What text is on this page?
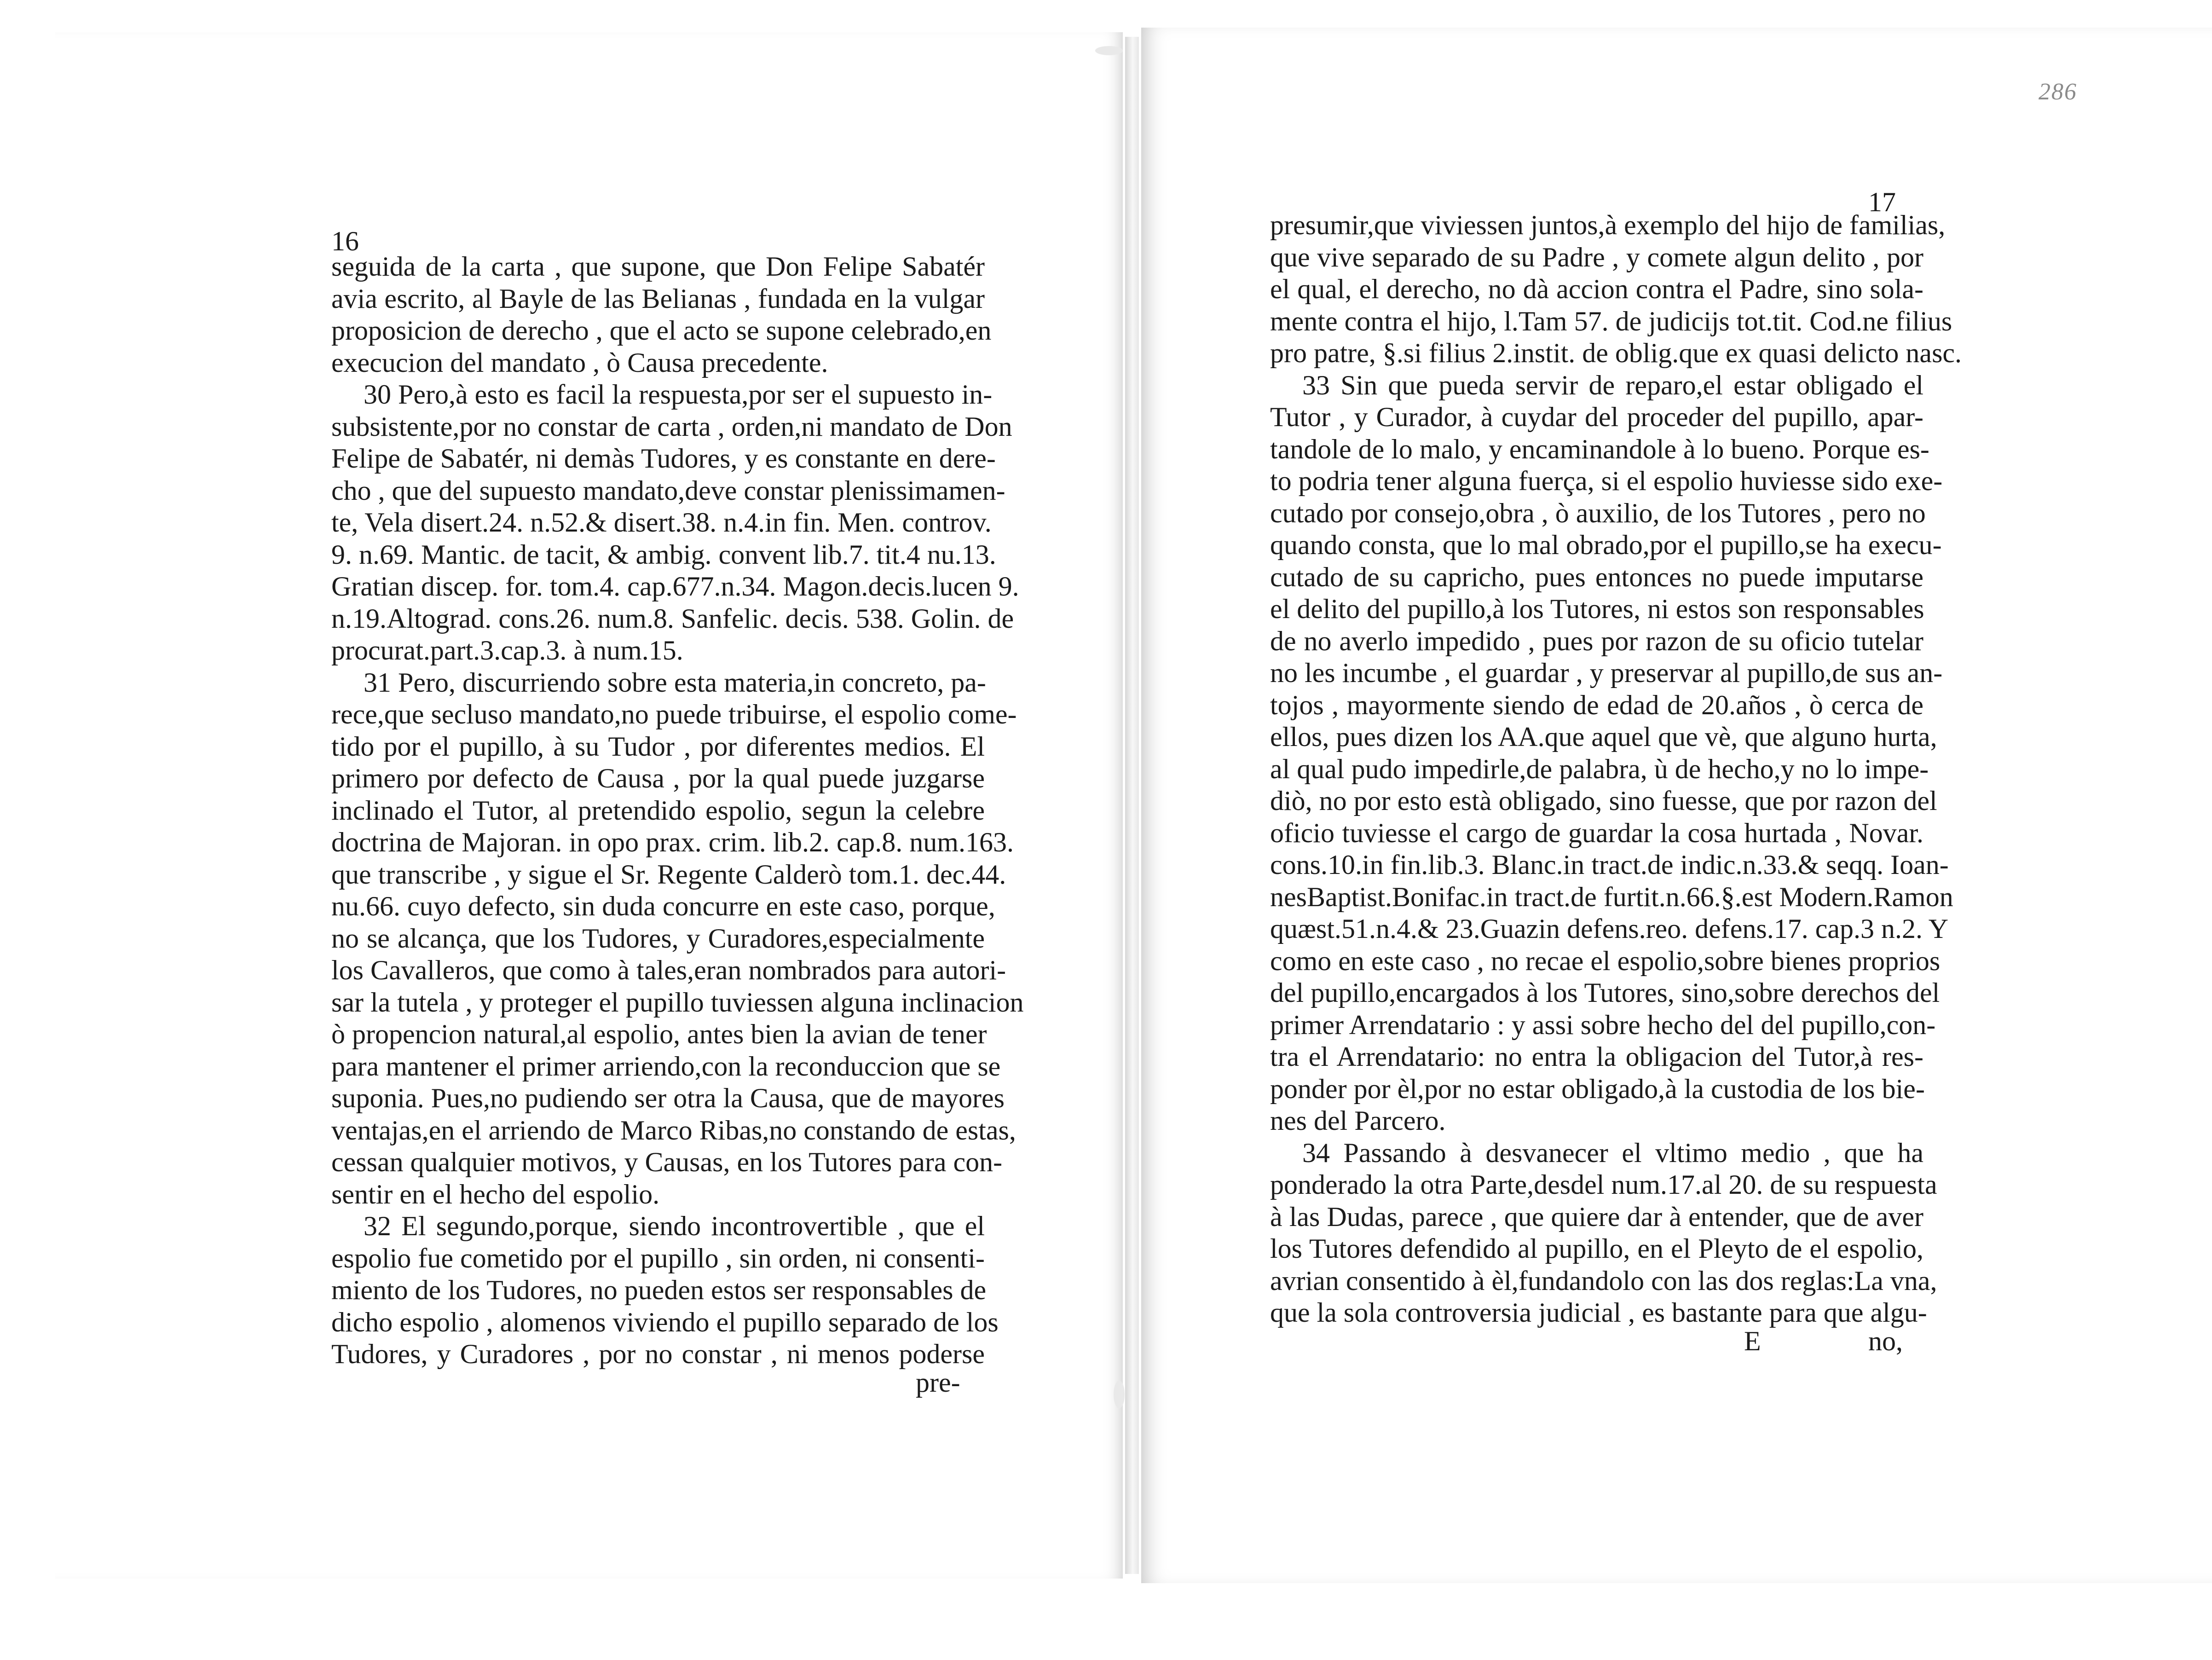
286
16
17
seguida de la carta , que supone, que Don Felipe Sabatér
avia escrito, al Bayle de las Belianas , fundada en la vulgar
proposicion de derecho , que el acto se supone celebrado,en
execucion del mandato , ò Causa precedente.
30 Pero,à esto es facil la respuesta,por ser el supuesto in-
subsistente,por no constar de carta , orden,ni mandato de Don
Felipe de Sabatér, ni demàs Tudores, y es constante en dere-
cho , que del supuesto mandato,deve constar plenissimamen-
te, Vela disert.24. n.52.& disert.38. n.4.in fin. Men. controv.
9. n.69. Mantic. de tacit, & ambig. convent lib.7. tit.4 nu.13.
Gratian discep. for. tom.4. cap.677.n.34. Magon.decis.lucen 9.
n.19.Altograd. cons.26. num.8. Sanfelic. decis. 538. Golin. de
procurat.part.3.cap.3. à num.15.
31 Pero, discurriendo sobre esta materia,in concreto, pa-
rece,que secluso mandato,no puede tribuirse, el espolio come-
tido por el pupillo, à su Tudor , por diferentes medios. El
primero por defecto de Causa , por la qual puede juzgarse
inclinado el Tutor, al pretendido espolio, segun la celebre
doctrina de Majoran. in opo prax. crim. lib.2. cap.8. num.163.
que transcribe , y sigue el Sr. Regente Calderò tom.1. dec.44.
nu.66. cuyo defecto, sin duda concurre en este caso, porque,
no se alcança, que los Tudores, y Curadores,especialmente
los Cavalleros, que como à tales,eran nombrados para autori-
sar la tutela , y proteger el pupillo tuviessen alguna inclinacion
ò propencion natural,al espolio, antes bien la avian de tener
para mantener el primer arriendo,con la reconduccion que se
suponia. Pues,no pudiendo ser otra la Causa, que de mayores
ventajas,en el arriendo de Marco Ribas,no constando de estas,
cessan qualquier motivos, y Causas, en los Tutores para con-
sentir en el hecho del espolio.
32 El segundo,porque, siendo incontrovertible , que el
espolio fue cometido por el pupillo , sin orden, ni consenti-
miento de los Tudores, no pueden estos ser responsables de
dicho espolio , alomenos viviendo el pupillo separado de los
Tudores, y Curadores , por no constar , ni menos poderse
pre-
presumir,que viviessen juntos,à exemplo del hijo de familias,
que vive separado de su Padre , y comete algun delito , por
el qual, el derecho, no dà accion contra el Padre, sino sola-
mente contra el hijo, l.Tam 57. de judicijs tot.tit. Cod.ne filius
pro patre, §.si filius 2.instit. de oblig.que ex quasi delicto nasc.
33 Sin que pueda servir de reparo,el estar obligado el
Tutor , y Curador, à cuydar del proceder del pupillo, apar-
tandole de lo malo, y encaminandole à lo bueno. Porque es-
to podria tener alguna fuerça, si el espolio huviesse sido exe-
cutado por consejo,obra , ò auxilio, de los Tutores , pero no
quando consta, que lo mal obrado,por el pupillo,se ha execu-
cutado de su capricho, pues entonces no puede imputarse
el delito del pupillo,à los Tutores, ni estos son responsables
de no averlo impedido , pues por razon de su oficio tutelar
no les incumbe , el guardar , y preservar al pupillo,de sus an-
tojos , mayormente siendo de edad de 20.años , ò cerca de
ellos, pues dizen los AA.que aquel que vè, que alguno hurta,
al qual pudo impedirle,de palabra, ù de hecho,y no lo impe-
diò, no por esto està obligado, sino fuesse, que por razon del
oficio tuviesse el cargo de guardar la cosa hurtada , Novar.
cons.10.in fin.lib.3. Blanc.in tract.de indic.n.33.& seqq. Ioan-
nesBaptist.Bonifac.in tract.de furtit.n.66.§.est Modern.Ramon
quæst.51.n.4.& 23.Guazin defens.reo. defens.17. cap.3 n.2. Y
como en este caso , no recae el espolio,sobre bienes proprios
del pupillo,encargados à los Tutores, sino,sobre derechos del
primer Arrendatario : y assi sobre hecho del del pupillo,con-
tra el Arrendatario: no entra la obligacion del Tutor,à res-
ponder por èl,por no estar obligado,à la custodia de los bie-
nes del Parcero.
34 Passando à desvanecer el vltimo medio , que ha
ponderado la otra Parte,desdel num.17.al 20. de su respuesta
à las Dudas, parece , que quiere dar à entender, que de aver
los Tutores defendido al pupillo, en el Pleyto de el espolio,
avrian consentido à èl,fundandolo con las dos reglas:La vna,
que la sola controversia judicial , es bastante para que algu-
E	no,
